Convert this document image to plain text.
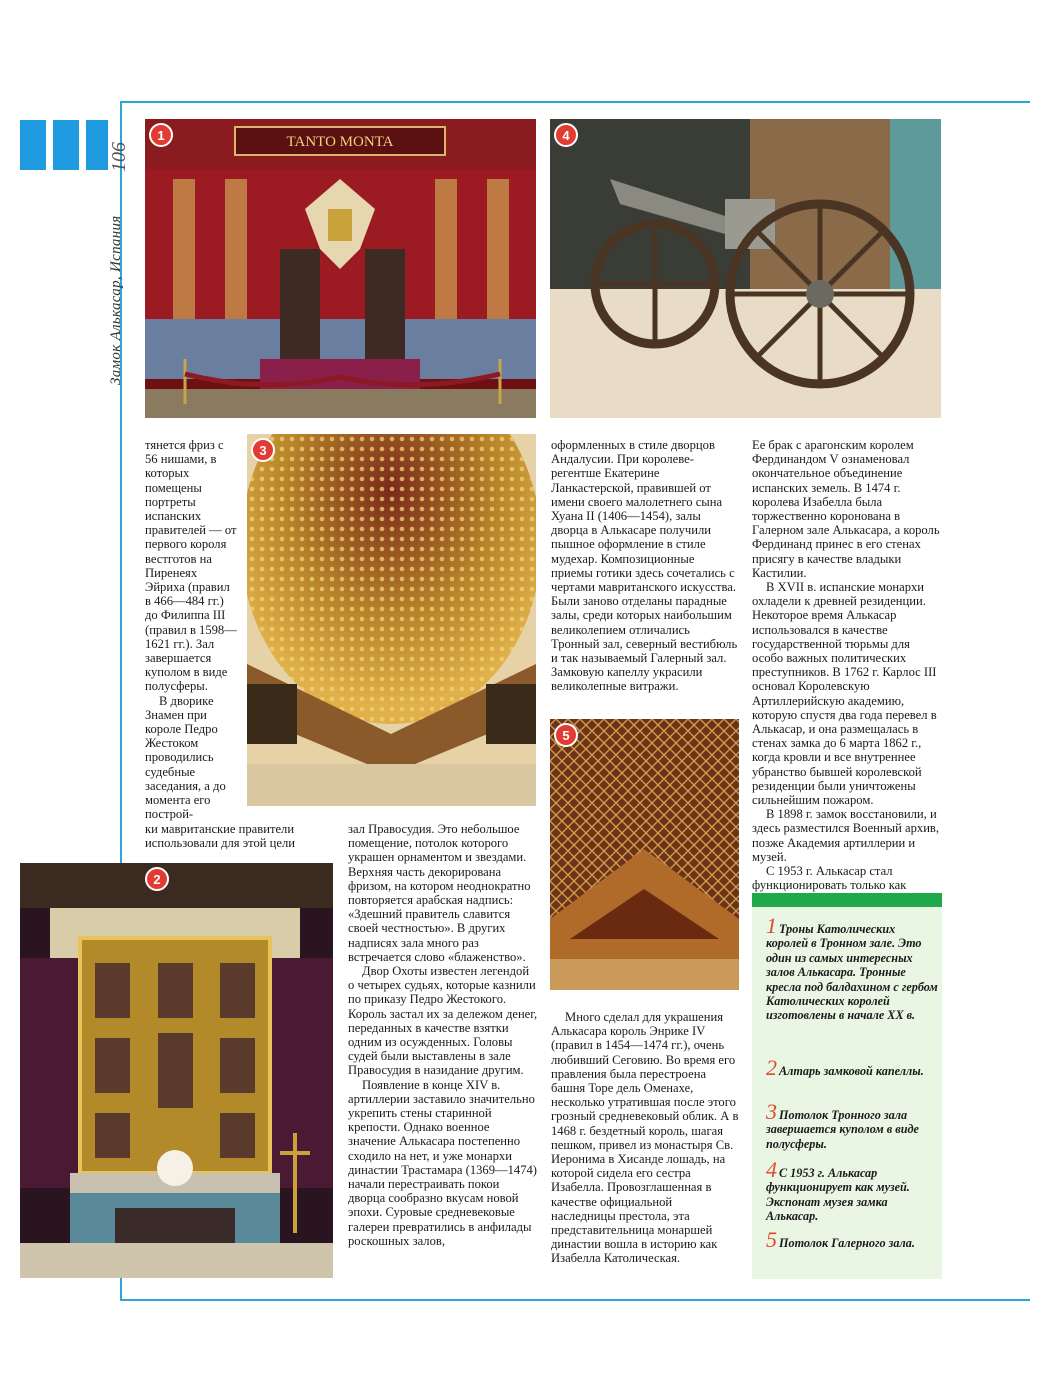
106
Замок Алькасар, Испания
1	TANTO MONTA	4
3
2
5

тянется фриз с 56 нишами, в которых помещены портреты испанских правителей — от первого короля вестготов на Пиренеях Эйриха (правил в 466—484 гг.) до Филиппа III (правил в 1598—1621 гг.). Зал завершается куполом в виде полусферы.

В дворике Знамен при короле Педро Жестоком проводились судебные заседания, а до момента его построй-

ки мавританские правители использовали для этой цели

зал Правосудия. Это небольшое помещение, потолок которого украшен орнаментом и звездами. Верхняя часть декорирована фризом, на котором неоднократно повторяется арабская надпись: «Здешний правитель славится своей честностью». В других надписях зала много раз встречается слово «блаженство».

Двор Охоты известен легендой о четырех судьях, которые казнили по приказу Педро Жестокого. Король застал их за дележом денег, переданных в качестве взятки одним из осужденных. Головы судей были выставлены в зале Правосудия в назидание другим.

Появление в конце XIV в. артиллерии заставило значительно укрепить стены старинной крепости. Однако военное значение Алькасара постепенно сходило на нет, и уже монархи династии Трастамара (1369—1474) начали перестраивать покои дворца сообразно вкусам новой эпохи. Суровые средневековые галереи превратились в анфилады роскошных залов,

оформленных в стиле дворцов Андалусии. При королеве-регентше Екатерине Ланкастерской, правившей от имени своего малолетнего сына Хуана II (1406—1454), залы дворца в Алькасаре получили пышное оформление в стиле мудехар. Композиционные приемы готики здесь сочетались с чертами мавританского искусства. Были заново отделаны парадные залы, среди которых наибольшим великолепием отличались Тронный зал, северный вестибюль и так называемый Галерный зал. Замковую капеллу украсили великолепные витражи.

Много сделал для украшения Алькасара король Энрике IV (правил в 1454—1474 гг.), очень любивший Сеговию. Во время его правления была перестроена башня Торе дель Оменахе, несколько утратившая после этого грозный средневековый облик. А в 1468 г. бездетный король, шагая пешком, привел из монастыря Св. Иеронима в Хисанде лошадь, на которой сидела его сестра Изабелла. Провозглашенная в качестве официальной наследницы престола, эта представительница монаршей династии вошла в историю как Изабелла Католическая.

Ее брак с арагонским королем Фердинандом V ознаменовал окончательное объединение испанских земель. В 1474 г. королева Изабелла была торжественно коронована в Галерном зале Алькасара, а король Фердинанд принес в его стенах присягу в качестве владыки Кастилии.

В XVII в. испанские монархи охладели к древней резиденции. Некоторое время Алькасар использовался в качестве государственной тюрьмы для особо важных политических преступников. В 1762 г. Карлос III основал Королевскую Артиллерийскую академию, которую спустя два года перевел в Алькасар, и она размещалась в стенах замка до 6 марта 1862 г., когда кровли и все внутреннее убранство бывшей королевской резиденции были уничтожены сильнейшим пожаром.

В 1898 г. замок восстановили, и здесь разместился Военный архив, позже Академия артиллерии и музей.

С 1953 г. Алькасар стал функционировать только как

1 Троны Католических королей в Тронном зале. Это один из самых интересных залов Алькасара. Тронные кресла под балдахином с гербом Католических королей изготовлены в начале XX в.
2 Алтарь замковой капеллы.
3 Потолок Тронного зала завершается куполом в виде полусферы.
4 С 1953 г. Алькасар функционирует как музей. Экспонат музея замка Алькасар.
5 Потолок Галерного зала.
